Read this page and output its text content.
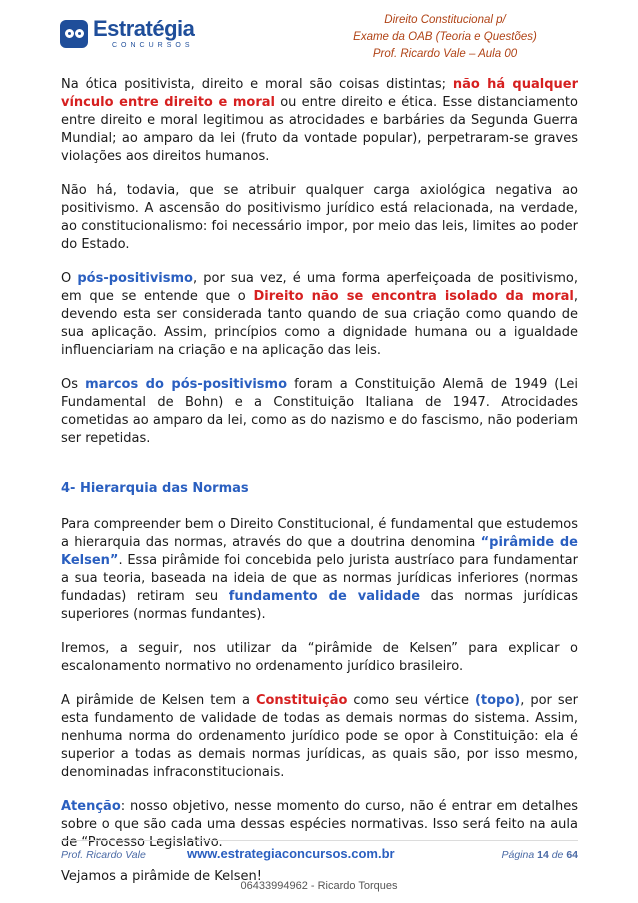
Estratégia
CONCURSOS
Direito Constitucional p/
Exame da OAB (Teoria e Questões)
Prof. Ricardo Vale – Aula 00

Na ótica positivista, direito e moral são coisas distintas; não há qualquer vínculo entre direito e moral ou entre direito e ética. Esse distanciamento entre direito e moral legitimou as atrocidades e barbáries da Segunda Guerra Mundial; ao amparo da lei (fruto da vontade popular), perpetraram-se graves violações aos direitos humanos.

Não há, todavia, que se atribuir qualquer carga axiológica negativa ao positivismo. A ascensão do positivismo jurídico está relacionada, na verdade, ao constitucionalismo: foi necessário impor, por meio das leis, limites ao poder do Estado.

O pós-positivismo, por sua vez, é uma forma aperfeiçoada de positivismo, em que se entende que o Direito não se encontra isolado da moral, devendo esta ser considerada tanto quando de sua criação como quando de sua aplicação. Assim, princípios como a dignidade humana ou a igualdade influenciariam na criação e na aplicação das leis.

Os marcos do pós-positivismo foram a Constituição Alemã de 1949 (Lei Fundamental de Bohn) e a Constituição Italiana de 1947. Atrocidades cometidas ao amparo da lei, como as do nazismo e do fascismo, não poderiam ser repetidas.

4- Hierarquia das Normas

Para compreender bem o Direito Constitucional, é fundamental que estudemos a hierarquia das normas, através do que a doutrina denomina “pirâmide de Kelsen”. Essa pirâmide foi concebida pelo jurista austríaco para fundamentar a sua teoria, baseada na ideia de que as normas jurídicas inferiores (normas fundadas) retiram seu fundamento de validade das normas jurídicas superiores (normas fundantes).

Iremos, a seguir, nos utilizar da “pirâmide de Kelsen” para explicar o escalonamento normativo no ordenamento jurídico brasileiro.

A pirâmide de Kelsen tem a Constituição como seu vértice (topo), por ser esta fundamento de validade de todas as demais normas do sistema. Assim, nenhuma norma do ordenamento jurídico pode se opor à Constituição: ela é superior a todas as demais normas jurídicas, as quais são, por isso mesmo, denominadas infraconstitucionais.

Atenção: nosso objetivo, nesse momento do curso, não é entrar em detalhes sobre o que são cada uma dessas espécies normativas. Isso será feito na aula de “Processo Legislativo.

Vejamos a pirâmide de Kelsen!

Prof. Ricardo Vale	www.estrategiaconcursos.com.br	Página 14 de 64
06433994962 - Ricardo Torques
